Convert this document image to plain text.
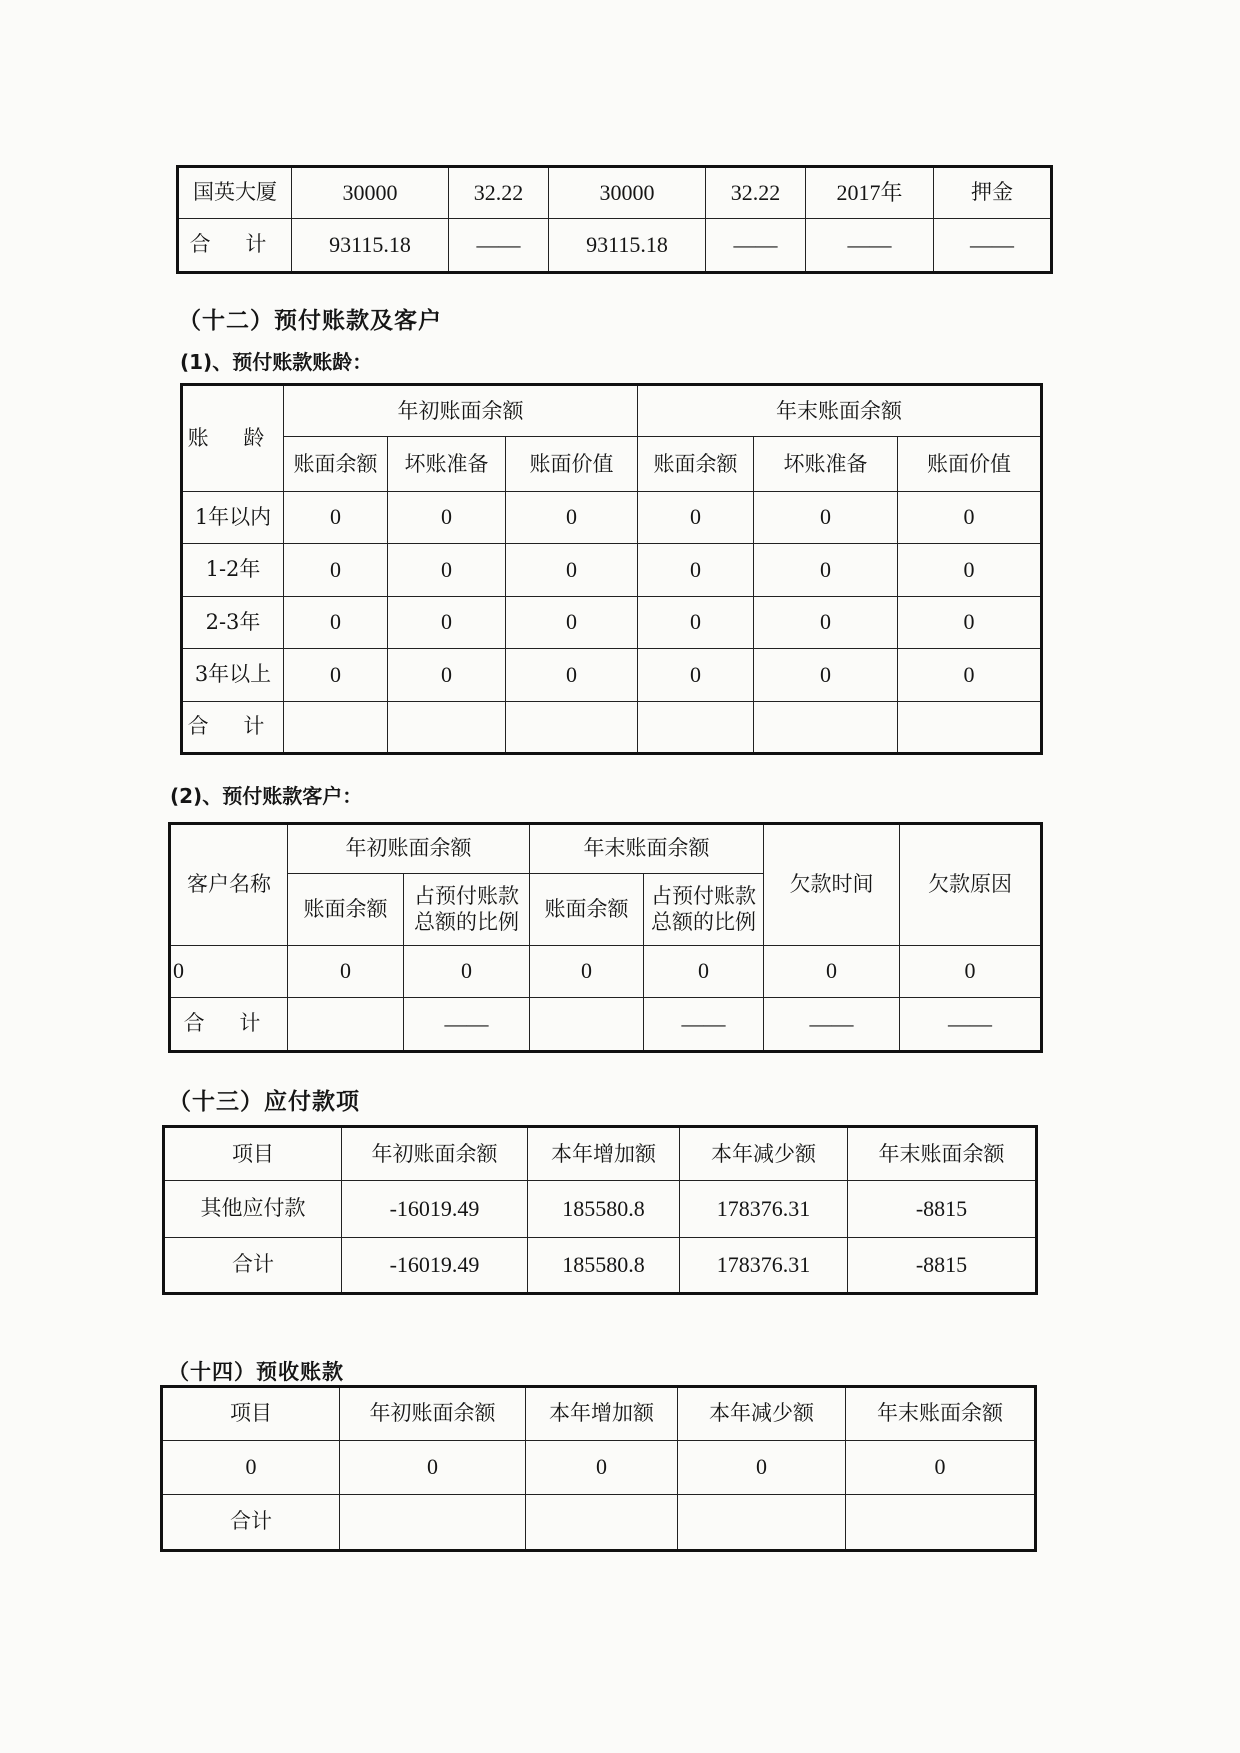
国英大厦	30000	32.22	30000	32.22	2017年	押金
合 计	93115.18	——	93115.18	——	——	——
（十二）预付账款及客户
(1)、预付账款账龄：
账 龄	年初账面余额			年末账面余额		
	账面余额	坏账准备	账面价值	账面余额	坏账准备	账面价值
1年以内	0	0	0	0	0	0
1-2年	0	0	0	0	0	0
2-3年	0	0	0	0	0	0
3年以上	0	0	0	0	0	0
合 计						
(2)、预付账款客户：
客户名称	年初账面余额		年末账面余额		欠款时间	欠款原因
	账面余额	占预付账款总额的比例	账面余额	占预付账款总额的比例		
0	0	0	0	0	0	0
合 计		——		——	——	——
（十三）应付款项
项目	年初账面余额	本年增加额	本年减少额	年末账面余额
其他应付款	-16019.49	185580.8	178376.31	-8815
合计	-16019.49	185580.8	178376.31	-8815
（十四）预收账款
项目	年初账面余额	本年增加额	本年减少额	年末账面余额
0	0	0	0	0
合计				
